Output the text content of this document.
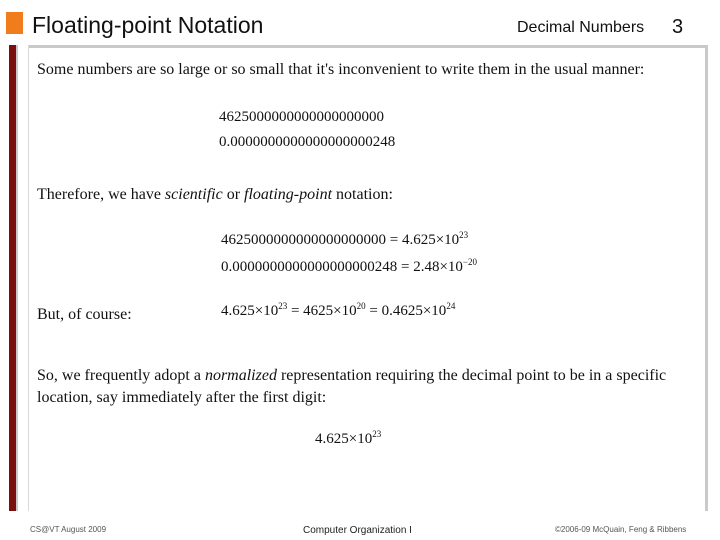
Floating-point Notation	Decimal Numbers 3
Some numbers are so large or so small that it's inconvenient to write them in the usual manner:
4625000000000000000000
0.0000000000000000000248
Therefore, we have scientific or floating-point notation:
$4625000000000000000000 = 4.625\times 10^{23}$
$0.0000000000000000000248 = 2.48\times 10^{-20}$
But, of course:	$4.625\times 10^{23} = 4625\times 10^{20} = 0.4625\times 10^{24}$
So, we frequently adopt a normalized representation requiring the decimal point to be in a specific location, say immediately after the first digit:
$4.625\times 10^{23}$
CS@VT August 2009	Computer Organization I	©2006-09 McQuain, Feng & Ribbens
